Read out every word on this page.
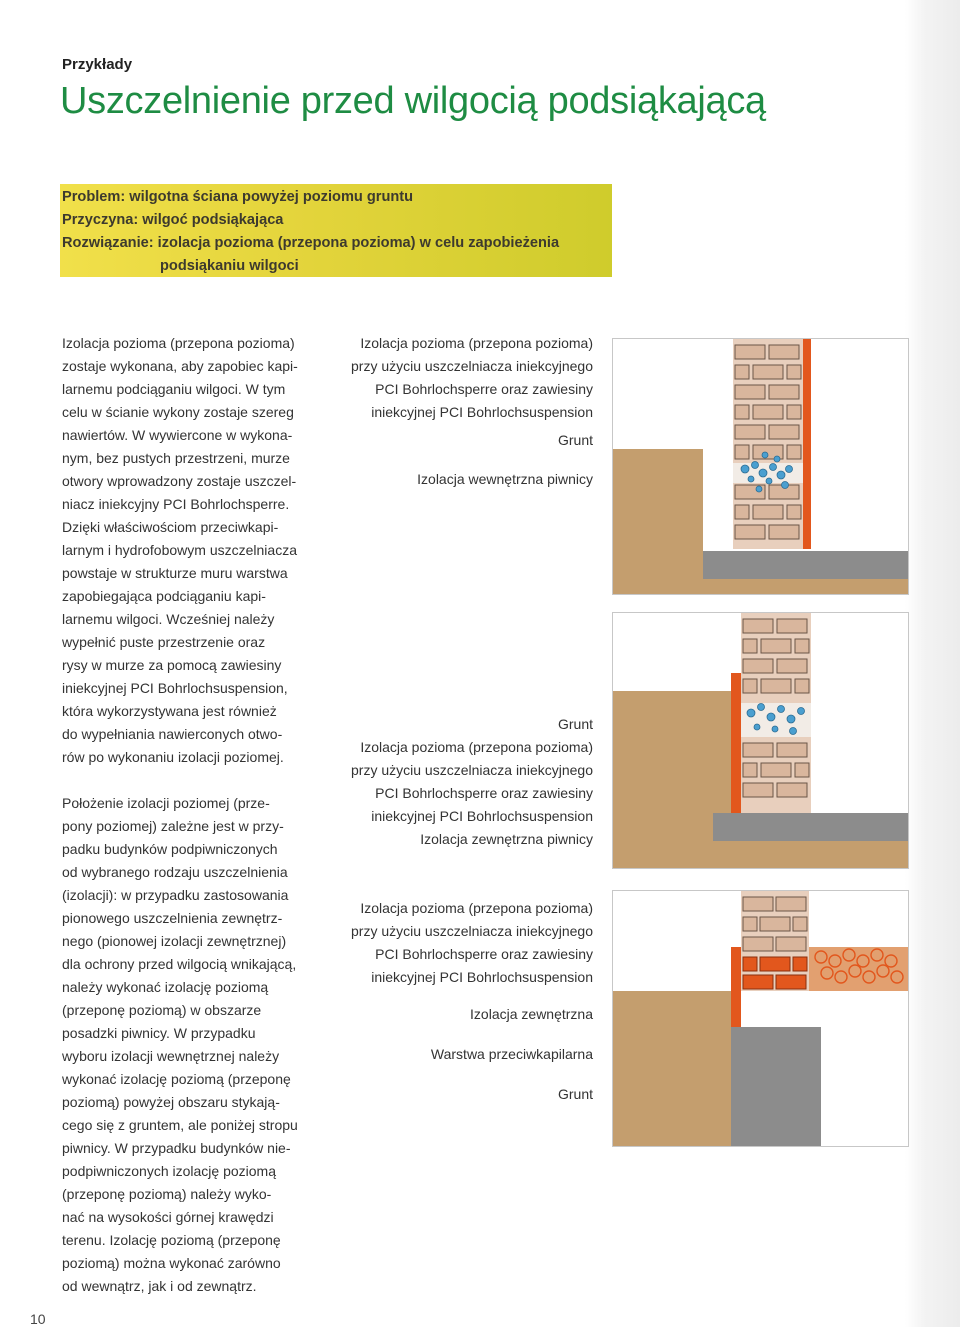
Przykłady
Uszczelnienie przed wilgocią podsiąkającą
Problem: wilgotna ściana powyżej poziomu gruntu
Przyczyna: wilgoć podsiąkająca
Rozwiązanie: izolacja pozioma (przepona pozioma) w celu zapobieżenia
podsiąkaniu wilgoci

Izolacja pozioma (przepona pozioma)
zostaje wykonana, aby zapobiec kapi-
larnemu podciąganiu wilgoci. W tym
celu w ścianie wykony zostaje szereg
nawiertów. W wywiercone w wykona-
nym, bez pustych przestrzeni, murze
otwory wprowadzony zostaje uszczel-
niacz iniekcyjny PCI Bohrlochsperre.
Dzięki właściwościom przeciwkapi-
larnym i hydrofobowym uszczelniacza
powstaje w strukturze muru warstwa
zapobiegająca podciąganiu kapi-
larnemu wilgoci. Wcześniej należy
wypełnić puste przestrzenie oraz
rysy w murze za pomocą zawiesiny
iniekcyjnej PCI Bohrlochsuspension,
która wykorzystywana jest również
do wypełniania nawierconych otwo-
rów po wykonaniu izolacji poziomej.

Położenie izolacji poziomej (prze-
pony poziomej) zależne jest w przy-
padku budynków podpiwniczonych
od wybranego rodzaju uszczelnienia
(izolacji): w przypadku zastosowania
pionowego uszczelnienia zewnętrz-
nego (pionowej izolacji zewnętrznej)
dla ochrony przed wilgocią wnikającą,
należy wykonać izolację poziomą
(przeponę poziomą) w obszarze
posadzki piwnicy. W przypadku
wyboru izolacji wewnętrznej należy
wykonać izolację poziomą (przeponę
poziomą) powyżej obszaru stykają-
cego się z gruntem, ale poniżej stropu
piwnicy. W przypadku budynków nie-
podpiwniczonych izolację poziomą
(przeponę poziomą) należy wyko-
nać na wysokości górnej krawędzi
terenu. Izolację poziomą (przeponę
poziomą) można wykonać zarówno
od wewnątrz, jak i od zewnątrz.

Izolacja pozioma (przepona pozioma)
przy użyciu uszczelniacza iniekcyjnego
PCI Bohrlochsperre oraz zawiesiny
iniekcyjnej PCI Bohrlochsuspension
Grunt
Izolacja wewnętrzna piwnicy
Grunt
Izolacja pozioma (przepona pozioma)
przy użyciu uszczelniacza iniekcyjnego
PCI Bohrlochsperre oraz zawiesiny
iniekcyjnej PCI Bohrlochsuspension
Izolacja zewnętrzna piwnicy
Izolacja pozioma (przepona pozioma)
przy użyciu uszczelniacza iniekcyjnego
PCI Bohrlochsperre oraz zawiesiny
iniekcyjnej PCI Bohrlochsuspension
Izolacja zewnętrzna
Warstwa przeciwkapilarna
Grunt
10
